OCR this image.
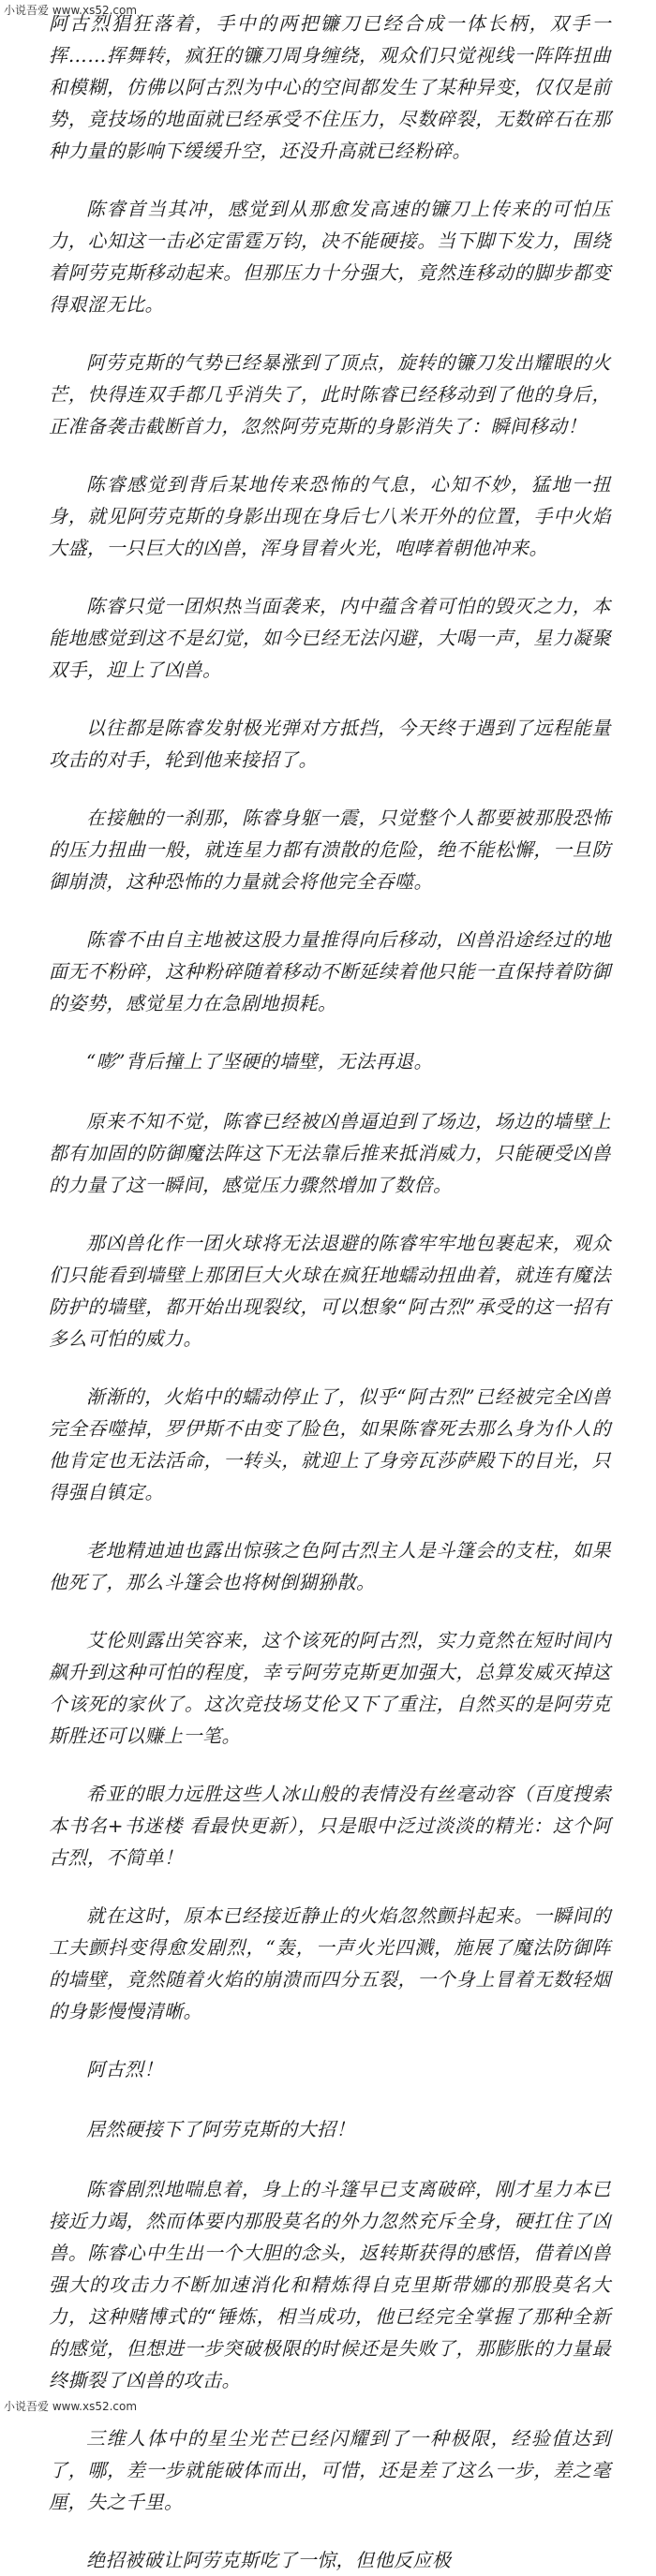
小说吾爱 www.xs52.com

阿古烈猖狂落着，手中的两把镰刀已经合成一体长柄，双手一挥……挥舞转，疯狂的镰刀周身缠绕，观众们只觉视线一阵阵扭曲和模糊，仿佛以阿古烈为中心的空间都发生了某种异变，仅仅是前势，竟技场的地面就已经承受不住压力，尽数碎裂，无数碎石在那种力量的影响下缓缓升空，还没升高就已经粉碎。

陈睿首当其冲，感觉到从那愈发高速的镰刀上传来的可怕压力，心知这一击必定雷霆万钧，决不能硬接。当下脚下发力，围绕着阿劳克斯移动起来。但那压力十分强大，竟然连移动的脚步都变得艰涩无比。

阿劳克斯的气势已经暴涨到了顶点，旋转的镰刀发出耀眼的火芒，快得连双手都几乎消失了，此时陈睿已经移动到了他的身后，正准备袭击截断首力，忽然阿劳克斯的身影消失了：瞬间移动！

陈睿感觉到背后某地传来恐怖的气息，心知不妙，猛地一扭身，就见阿劳克斯的身影出现在身后七八米开外的位置，手中火焰大盛，一只巨大的凶兽，浑身冒着火光，咆哮着朝他冲来。

陈睿只觉一团炽热当面袭来，内中蕴含着可怕的毁灭之力，本能地感觉到这不是幻觉，如今已经无法闪避，大喝一声，星力凝聚双手，迎上了凶兽。

以往都是陈睿发射极光弹对方抵挡，今天终于遇到了远程能量攻击的对手，轮到他来接招了。

在接触的一刹那，陈睿身躯一震，只觉整个人都要被那股恐怖的压力扭曲一般，就连星力都有溃散的危险，绝不能松懈，一旦防御崩溃，这种恐怖的力量就会将他完全吞噬。

陈睿不由自主地被这股力量推得向后移动，凶兽沿途经过的地面无不粉碎，这种粉碎随着移动不断延续着他只能一直保持着防御的姿势，感觉星力在急剧地损耗。

“嘭”背后撞上了坚硬的墙壁，无法再退。

原来不知不觉，陈睿已经被凶兽逼迫到了场边，场边的墙壁上都有加固的防御魔法阵这下无法靠后推来抵消威力，只能硬受凶兽的力量了这一瞬间，感觉压力骤然增加了数倍。

那凶兽化作一团火球将无法退避的陈睿牢牢地包裹起来，观众们只能看到墙壁上那团巨大火球在疯狂地蠕动扭曲着，就连有魔法防护的墙壁，都开始出现裂纹，可以想象“阿古烈”承受的这一招有多么可怕的威力。

渐渐的，火焰中的蠕动停止了，似乎“阿古烈”已经被完全凶兽完全吞噬掉，罗伊斯不由变了脸色，如果陈睿死去那么身为仆人的他肯定也无法活命，一转头，就迎上了身旁瓦莎萨殿下的目光，只得强自镇定。

老地精迪迪也露出惊骇之色阿古烈主人是斗篷会的支柱，如果他死了，那么斗篷会也将树倒猢狲散。

艾伦则露出笑容来，这个该死的阿古烈，实力竟然在短时间内飙升到这种可怕的程度，幸亏阿劳克斯更加强大，总算发威灭掉这个该死的家伙了。这次竞技场艾伦又下了重注，自然买的是阿劳克斯胜还可以赚上一笔。

希亚的眼力远胜这些人冰山般的表情没有丝毫动容（百度搜索本书名+书迷楼 看最快更新），只是眼中泛过淡淡的精光：这个阿古烈，不简单！

就在这时，原本已经接近静止的火焰忽然颤抖起来。一瞬间的工夫颤抖变得愈发剧烈，“轰，一声火光四溅，施展了魔法防御阵的墙壁，竟然随着火焰的崩溃而四分五裂，一个身上冒着无数轻烟的身影慢慢清晰。

阿古烈！

居然硬接下了阿劳克斯的大招！

陈睿剧烈地喘息着，身上的斗篷早已支离破碎，刚才星力本已接近力竭，然而体要内那股莫名的外力忽然充斥全身，硬扛住了凶兽。陈睿心中生出一个大胆的念头，返转斯获得的感悟，借着凶兽强大的攻击力不断加速消化和精炼得自克里斯带娜的那股莫名大力，这种赌博式的“锤炼，相当成功，他已经完全掌握了那种全新的感觉，但想进一步突破极限的时候还是失败了，那膨胀的力量最终撕裂了凶兽的攻击。

三维人体中的星尘光芒已经闪耀到了一种极限，经验值达到了，哪，差一步就能破体而出，可惜，还是差了这么一步，差之毫厘，失之千里。

绝招被破让阿劳克斯吃了一惊，但他反应极

小说吾爱 www.xs52.com
